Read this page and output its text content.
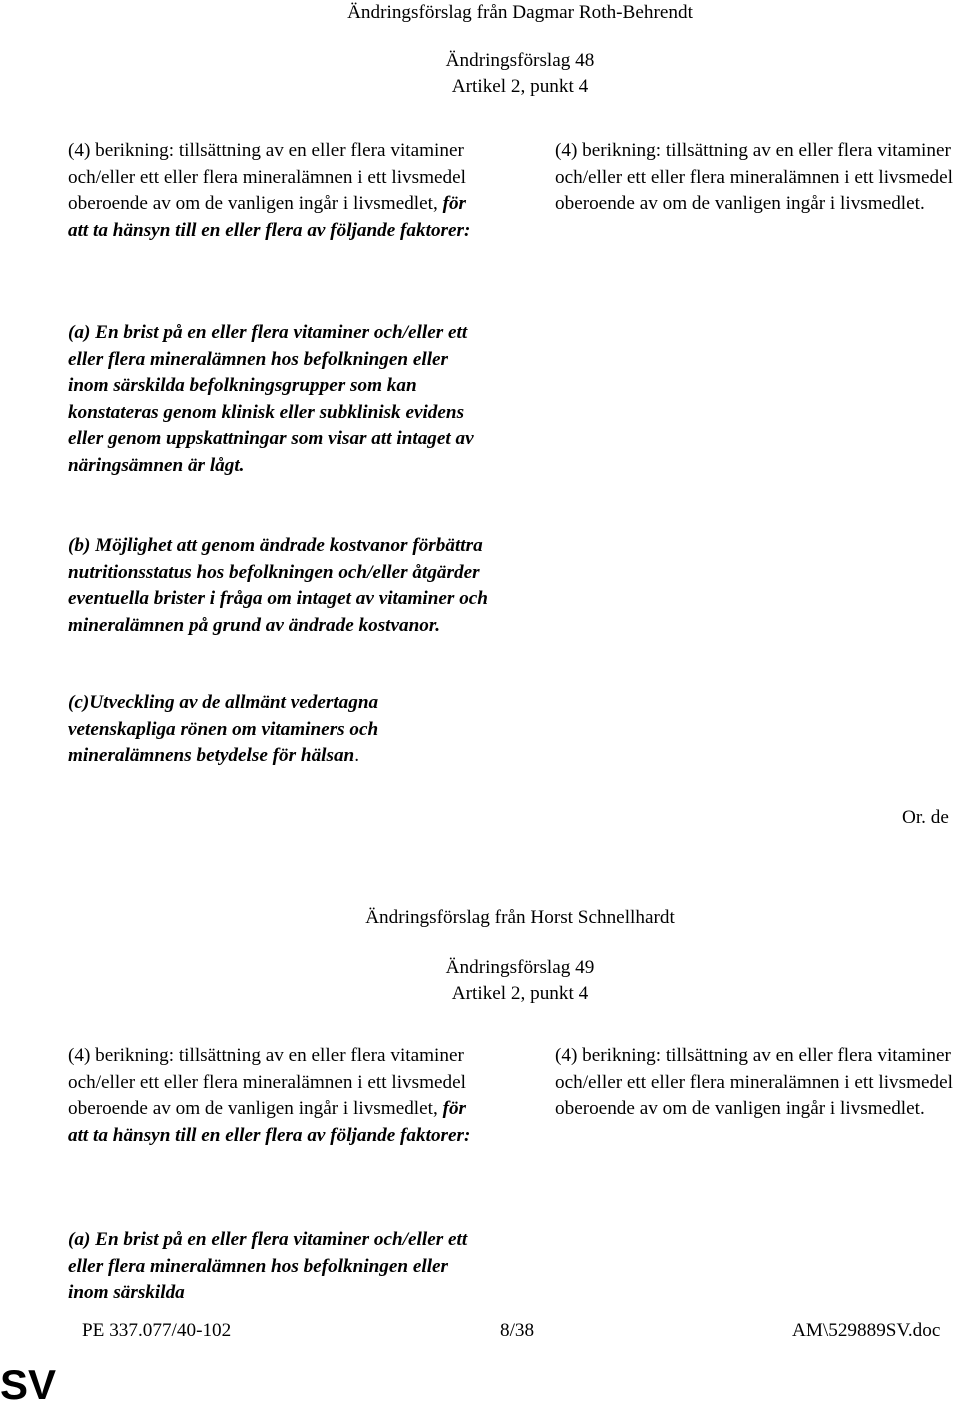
Ändringsförslag från Dagmar Roth-Behrendt
Ändringsförslag 48
Artikel 2, punkt 4
(4) berikning: tillsättning av en eller flera vitaminer och/eller ett eller flera mineralämnen i ett livsmedel oberoende av om de vanligen ingår i livsmedlet, för att ta hänsyn till en eller flera av följande faktorer:

(a) En brist på en eller flera vitaminer och/eller ett eller flera mineralämnen hos befolkningen eller inom särskilda befolkningsgrupper som kan konstateras genom klinisk eller subklinisk evidens eller genom uppskattningar som visar att intaget av näringsämnen är lågt.

(b) Möjlighet att genom ändrade kostvanor förbättra nutritionsstatus hos befolkningen och/eller åtgärder eventuella brister i fråga om intaget av vitaminer och mineralämnen på grund av ändrade kostvanor.

(c)Utveckling av de allmänt vedertagna vetenskapliga rönen om vitaminers och mineralämnens betydelse för hälsan.

(4) berikning: tillsättning av en eller flera vitaminer och/eller ett eller flera mineralämnen i ett livsmedel oberoende av om de vanligen ingår i livsmedlet.

Or. de
Ändringsförslag från Horst Schnellhardt
Ändringsförslag 49
Artikel 2, punkt 4
(4) berikning: tillsättning av en eller flera vitaminer och/eller ett eller flera mineralämnen i ett livsmedel oberoende av om de vanligen ingår i livsmedlet, för att ta hänsyn till en eller flera av följande faktorer:

(a) En brist på en eller flera vitaminer och/eller ett eller flera mineralämnen hos befolkningen eller inom särskilda

(4) berikning: tillsättning av en eller flera vitaminer och/eller ett eller flera mineralämnen i ett livsmedel oberoende av om de vanligen ingår i livsmedlet.

PE 337.077/40-102	8/38	AM\529889SV.doc
SV
